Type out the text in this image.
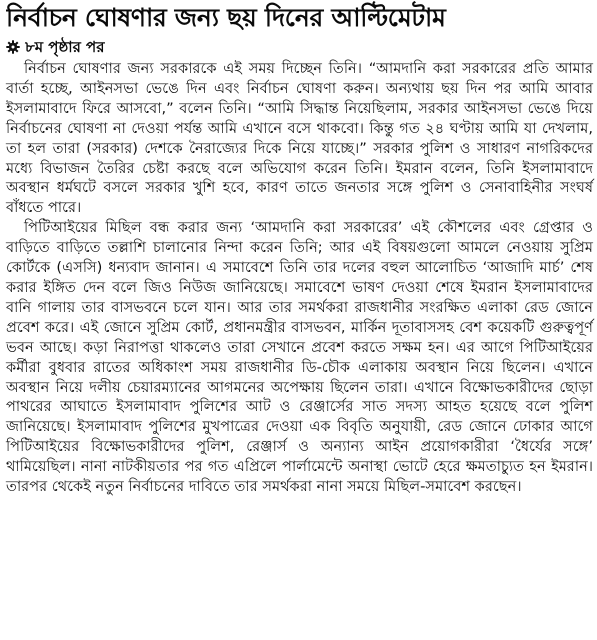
নির্বাচন ঘোষণার জন্য ছয় দিনের আল্টিমেটাম
৮ম পৃষ্ঠার পর

নির্বাচন ঘোষণার জন্য সরকারকে এই সময় দিচ্ছেন তিনি। “আমদানি করা সরকারের প্রতি আমার বার্তা হচ্ছে, আইনসভা ভেঙে দিন এবং নির্বাচন ঘোষণা করুন। অন্যথায় ছয় দিন পর আমি আবার ইসলামাবাদে ফিরে আসবো,” বলেন তিনি। “আমি সিদ্ধান্ত নিয়েছিলাম, সরকার আইনসভা ভেঙে দিয়ে নির্বাচনের ঘোষণা না দেওয়া পর্যন্ত আমি এখানে বসে থাকবো। কিন্তু গত ২৪ ঘণ্টায় আমি যা দেখলাম, তা হল তারা (সরকার) দেশকে নৈরাজ্যের দিকে নিয়ে যাচ্ছে।” সরকার পুলিশ ও সাধারণ নাগরিকদের মধ্যে বিভাজন তৈরির চেষ্টা করছে বলে অভিযোগ করেন তিনি। ইমরান বলেন, তিনি ইসলামাবাদে অবস্থান ধর্মঘটে বসলে সরকার খুশি হবে, কারণ তাতে জনতার সঙ্গে পুলিশ ও সেনাবাহিনীর সংঘর্ষ বাঁধতে পারে।

পিটিআইয়ের মিছিল বন্ধ করার জন্য ‘আমদানি করা সরকারের’ এই কৌশলের এবং গ্রেপ্তার ও বাড়িতে বাড়িতে তল্লাশি চালানোর নিন্দা করেন তিনি; আর এই বিষয়গুলো আমলে নেওয়ায় সুপ্রিম কোর্টকে (এসসি) ধন্যবাদ জানান। এ সমাবেশে তিনি তার দলের বহুল আলোচিত ‘আজাদি মার্চ’ শেষ করার ইঙ্গিত দেন বলে জিও নিউজ জানিয়েছে। সমাবেশে ভাষণ দেওয়া শেষে ইমরান ইসলামাবাদের বানি গালায় তার বাসভবনে চলে যান। আর তার সমর্থকরা রাজধানীর সংরক্ষিত এলাকা রেড জোনে প্রবেশ করে। এই জোনে সুপ্রিম কোর্ট, প্রধানমন্ত্রীর বাসভবন, মার্কিন দূতাবাসসহ বেশ কয়েকটি গুরুত্বপূর্ণ ভবন আছে। কড়া নিরাপত্তা থাকলেও তারা সেখানে প্রবেশ করতে সক্ষম হন। এর আগে পিটিআইয়ের কর্মীরা বুধবার রাতের অধিকাংশ সময় রাজধানীর ডি-চৌক এলাকায় অবস্থান নিয়ে ছিলেন। এখানে অবস্থান নিয়ে দলীয় চেয়ারম্যানের আগমনের অপেক্ষায় ছিলেন তারা। এখানে বিক্ষোভকারীদের ছোড়া পাথরের আঘাতে ইসলামাবাদ পুলিশের আট ও রেঞ্জার্সের সাত সদস্য আহত হয়েছে বলে পুলিশ জানিয়েছে। ইসলামাবাদ পুলিশের মুখপাত্রের দেওয়া এক বিবৃতি অনুযায়ী, রেড জোনে ঢোকার আগে পিটিআইয়ের বিক্ষোভকারীদের পুলিশ, রেঞ্জার্স ও অন্যান্য আইন প্রয়োগকারীরা ‘ধৈর্যের সঙ্গে’ থামিয়েছিল। নানা নাটকীয়তার পর গত এপ্রিলে পার্লামেন্টে অনাস্থা ভোটে হেরে ক্ষমতাচ্যুত হন ইমরান। তারপর থেকেই নতুন নির্বাচনের দাবিতে তার সমর্থকরা নানা সময়ে মিছিল-সমাবেশ করছেন।
